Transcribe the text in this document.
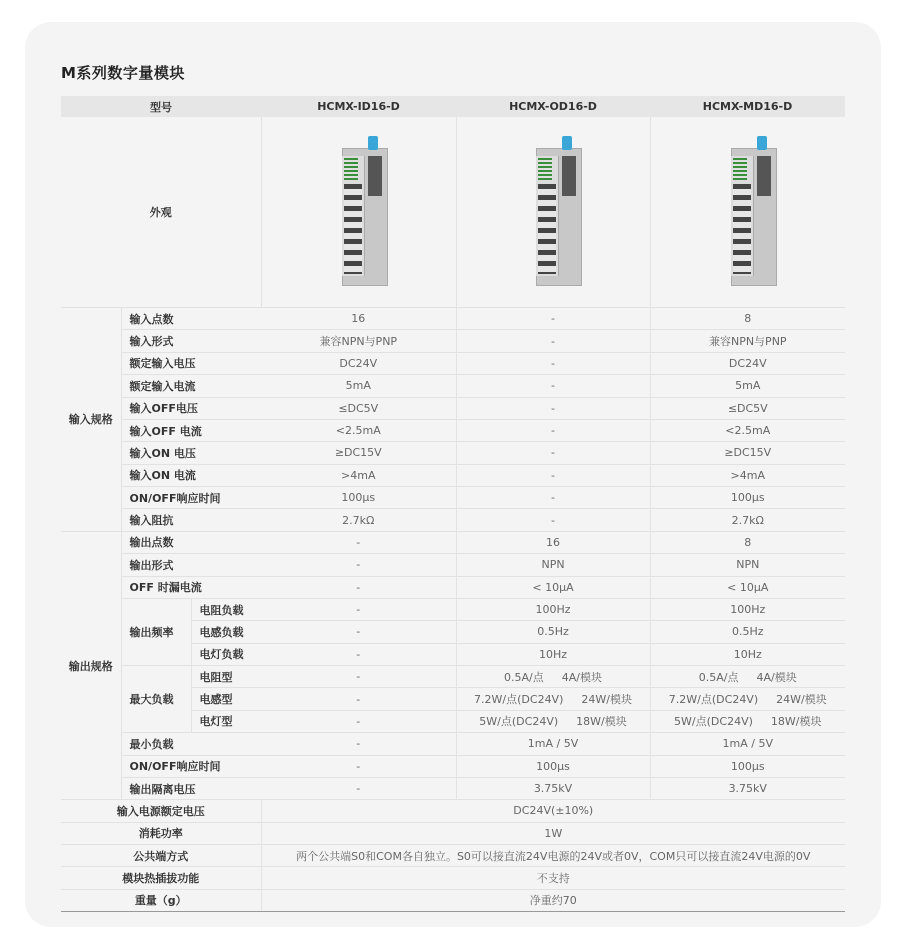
M系列数字量模块
型号			HCMX-ID16-D	HCMX-OD16-D	HCMX-MD16-D
外观			

输入规格	输入点数		16	-	8
	输入形式		兼容NPN与PNP	-	兼容NPN与PNP
	额定输入电压		DC24V	-	DC24V
	额定输入电流		5mA	-	5mA
	输入OFF电压		≤DC5V	-	≤DC5V
	输入OFF 电流		<2.5mA	-	<2.5mA
	输入ON 电压		≥DC15V	-	≥DC15V
	输入ON 电流		>4mA	-	>4mA
	ON/OFF响应时间		100μs	-	100μs
	输入阻抗		2.7kΩ	-	2.7kΩ
输出规格	输出点数		-	16	8
	输出形式		-	NPN	NPN
	OFF 时漏电流		-	< 10μA	< 10μA
	输出频率	电阻负载	-	100Hz	100Hz
		电感负载	-	0.5Hz	0.5Hz
		电灯负载	-	10Hz	10Hz
	最大负载	电阻型	-	0.5A/点 4A/模块	0.5A/点 4A/模块

		电感型	-	7.2W/点(DC24V) 24W/模块	7.2W/点(DC24V) 24W/模块

		电灯型	-	5W/点(DC24V) 18W/模块	5W/点(DC24V) 18W/模块

	最小负载		-	1mA / 5V	1mA / 5V
	ON/OFF响应时间		-	100μs	100μs
	输出隔离电压		-	3.75kV	3.75kV
输入电源额定电压			DC24V(±10%)		
消耗功率			1W		
公共端方式			两个公共端S0和COM各自独立。S0可以接直流24V电源的24V或者0V，COM只可以接直流24V电源的0V		
模块热插拔功能			不支持		
重量（g）			净重约70		
